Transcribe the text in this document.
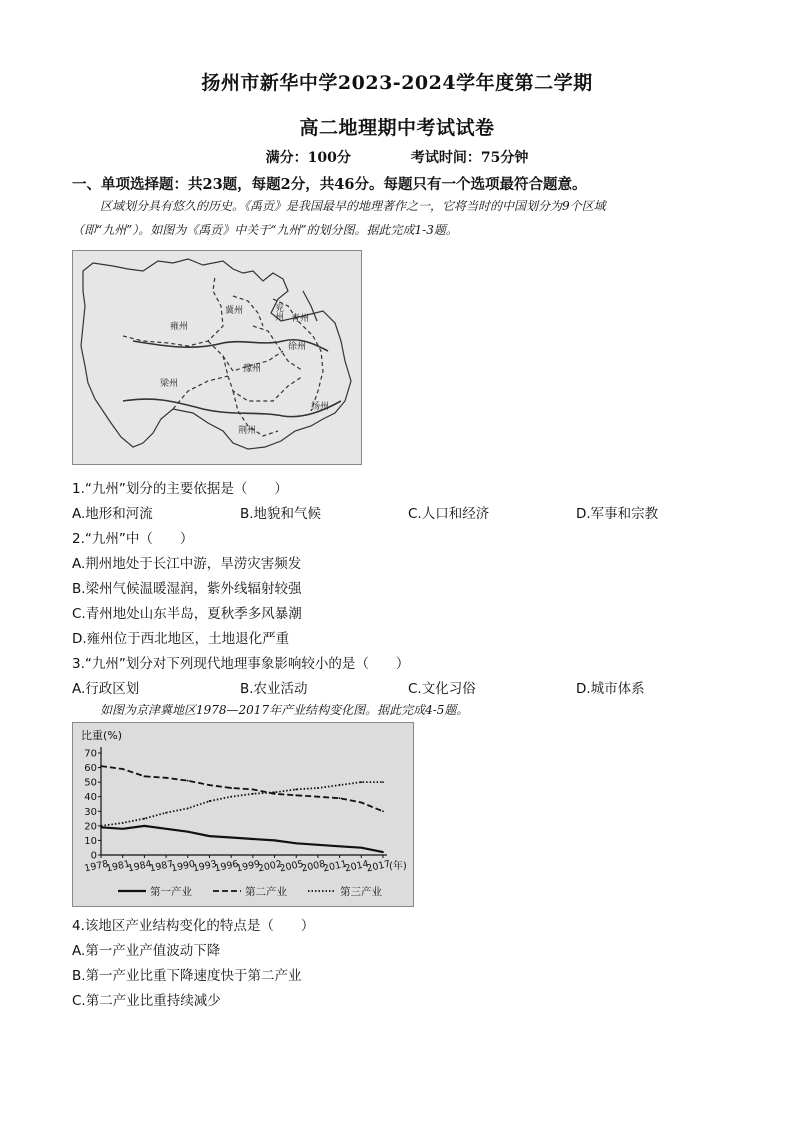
扬州市新华中学2023-2024学年度第二学期
高二地理期中考试试卷
满分：100分	考试时间：75分钟
一、单项选择题：共23题，每题2分，共46分。每题只有一个选项最符合题意。
区域划分具有悠久的历史。《禹贡》是我国最早的地理著作之一，它将当时的中国划分为9个区域
（即“九州”）。如图为《禹贡》中关于“九州”的划分图。据此完成1-3题。
雍州
冀州	兖州 青州
徐州
梁州
豫州
扬州
荆州
1.“九州”划分的主要依据是（　　）
A.地形和河流	B.地貌和气候	C.人口和经济	D.军事和宗教
2.“九州”中（　　）
A.荆州地处于长江中游，旱涝灾害频发
B.梁州气候温暖湿润，紫外线辐射较强
C.青州地处山东半岛，夏秋季多风暴潮
D.雍州位于西北地区，土地退化严重
3.“九州”划分对下列现代地理事象影响较小的是（　　）
A.行政区划	B.农业活动	C.文化习俗	D.城市体系
如图为京津冀地区1978—2017年产业结构变化图。据此完成4-5题。
比重(%)
0
10
20
30
40
50
60
70
1978
1981
1984
1987
1990
1993
1996
1999
2002
2005
2008
2011
2014
2017
(年)
第一产业	第二产业	第三产业
4.该地区产业结构变化的特点是（　　）
A.第一产业产值波动下降
B.第一产业比重下降速度快于第二产业
C.第二产业比重持续减少
